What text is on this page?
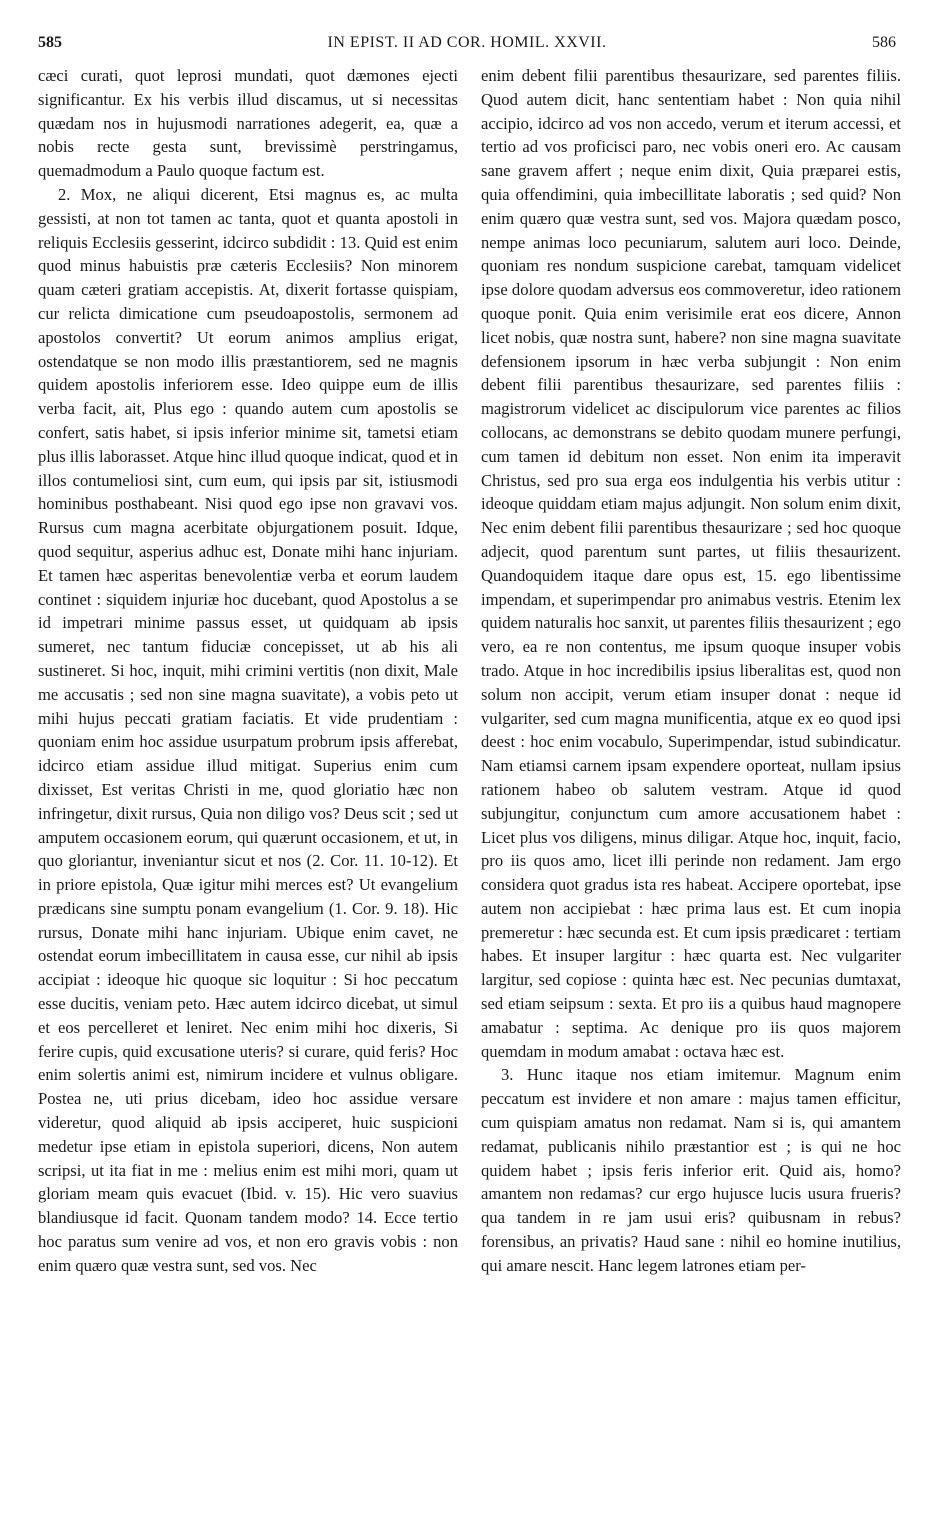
585	IN EPIST. II AD COR. HOMIL. XXVII.	586

cæci curati, quot leprosi mundati, quot dæmones ejecti significantur. Ex his verbis illud discamus, ut si necessitas quædam nos in hujusmodi narrationes adegerit, ea, quæ a nobis recte gesta sunt, brevissimè perstringamus, quemadmodum a Paulo quoque factum est.

2. Mox, ne aliqui dicerent, Etsi magnus es, ac multa gessisti, at non tot tamen ac tanta, quot et quanta apostoli in reliquis Ecclesiis gesserint, idcirco subdidit : 13. Quid est enim quod minus habuistis præ cæteris Ecclesiis? Non minorem quam cæteri gratiam accepistis. At, dixerit fortasse quispiam, cur relicta dimicatione cum pseudoapostolis, sermonem ad apostolos convertit? Ut eorum animos amplius erigat, ostendatque se non modo illis præstantiorem, sed ne magnis quidem apostolis inferiorem esse. Ideo quippe eum de illis verba facit, ait, Plus ego : quando autem cum apostolis se confert, satis habet, si ipsis inferior minime sit, tametsi etiam plus illis laborasset. Atque hinc illud quoque indicat, quod et in illos contumeliosi sint, cum eum, qui ipsis par sit, istiusmodi hominibus posthabeant. Nisi quod ego ipse non gravavi vos. Rursus cum magna acerbitate objurgationem posuit. Idque, quod sequitur, asperius adhuc est, Donate mihi hanc injuriam. Et tamen hæc asperitas benevolentiæ verba et eorum laudem continet : siquidem injuriæ hoc ducebant, quod Apostolus a se id impetrari minime passus esset, ut quidquam ab ipsis sumeret, nec tantum fiduciæ concepisset, ut ab his ali sustineret. Si hoc, inquit, mihi crimini vertitis (non dixit, Male me accusatis ; sed non sine magna suavitate), a vobis peto ut mihi hujus peccati gratiam faciatis. Et vide prudentiam : quoniam enim hoc assidue usurpatum probrum ipsis afferebat, idcirco etiam assidue illud mitigat. Superius enim cum dixisset, Est veritas Christi in me, quod gloriatio hæc non infringetur, dixit rursus, Quia non diligo vos? Deus scit ; sed ut amputem occasionem eorum, qui quærunt occasionem, et ut, in quo gloriantur, inveniantur sicut et nos (2. Cor. 11. 10-12). Et in priore epistola, Quæ igitur mihi merces est? Ut evangelium prædicans sine sumptu ponam evangelium (1. Cor. 9. 18). Hic rursus, Donate mihi hanc injuriam. Ubique enim cavet, ne ostendat eorum imbecillitatem in causa esse, cur nihil ab ipsis accipiat : ideoque hic quoque sic loquitur : Si hoc peccatum esse ducitis, veniam peto. Hæc autem idcirco dicebat, ut simul et eos percelleret et leniret. Nec enim mihi hoc dixeris, Si ferire cupis, quid excusatione uteris? si curare, quid feris? Hoc enim solertis animi est, nimirum incidere et vulnus obligare. Postea ne, uti prius dicebam, ideo hoc assidue versare videretur, quod aliquid ab ipsis acciperet, huic suspicioni medetur ipse etiam in epistola superiori, dicens, Non autem scripsi, ut ita fiat in me : melius enim est mihi mori, quam ut gloriam meam quis evacuet (Ibid. v. 15). Hic vero suavius blandiusque id facit. Quonam tandem modo? 14. Ecce tertio hoc paratus sum venire ad vos, et non ero gravis vobis : non enim quæro quæ vestra sunt, sed vos. Nec

enim debent filii parentibus thesaurizare, sed parentes filiis. Quod autem dicit, hanc sententiam habet : Non quia nihil accipio, idcirco ad vos non accedo, verum et iterum accessi, et tertio ad vos proficisci paro, nec vobis oneri ero. Ac causam sane gravem affert ; neque enim dixit, Quia præparei estis, quia offendimini, quia imbecillitate laboratis ; sed quid? Non enim quæro quæ vestra sunt, sed vos. Majora quædam posco, nempe animas loco pecuniarum, salutem auri loco. Deinde, quoniam res nondum suspicione carebat, tamquam videlicet ipse dolore quodam adversus eos commoveretur, ideo rationem quoque ponit. Quia enim verisimile erat eos dicere, Annon licet nobis, quæ nostra sunt, habere? non sine magna suavitate defensionem ipsorum in hæc verba subjungit : Non enim debent filii parentibus thesaurizare, sed parentes filiis : magistrorum videlicet ac discipulorum vice parentes ac filios collocans, ac demonstrans se debito quodam munere perfungi, cum tamen id debitum non esset. Non enim ita imperavit Christus, sed pro sua erga eos indulgentia his verbis utitur : ideoque quiddam etiam majus adjungit. Non solum enim dixit, Nec enim debent filii parentibus thesaurizare ; sed hoc quoque adjecit, quod parentum sunt partes, ut filiis thesaurizent. Quandoquidem itaque dare opus est, 15. ego libentissime impendam, et superimpendar pro animabus vestris. Etenim lex quidem naturalis hoc sanxit, ut parentes filiis thesaurizent ; ego vero, ea re non contentus, me ipsum quoque insuper vobis trado. Atque in hoc incredibilis ipsius liberalitas est, quod non solum non accipit, verum etiam insuper donat : neque id vulgariter, sed cum magna munificentia, atque ex eo quod ipsi deest : hoc enim vocabulo, Superimpendar, istud subindicatur. Nam etiamsi carnem ipsam expendere oporteat, nullam ipsius rationem habeo ob salutem vestram. Atque id quod subjungitur, conjunctum cum amore accusationem habet : Licet plus vos diligens, minus diligar. Atque hoc, inquit, facio, pro iis quos amo, licet illi perinde non redament. Jam ergo considera quot gradus ista res habeat. Accipere oportebat, ipse autem non accipiebat : hæc prima laus est. Et cum inopia premeretur : hæc secunda est. Et cum ipsis prædicaret : tertiam habes. Et insuper largitur : hæc quarta est. Nec vulgariter largitur, sed copiose : quinta hæc est. Nec pecunias dumtaxat, sed etiam seipsum : sexta. Et pro iis a quibus haud magnopere amabatur : septima. Ac denique pro iis quos majorem quemdam in modum amabat : octava hæc est.

3. Hunc itaque nos etiam imitemur. Magnum enim peccatum est invidere et non amare : majus tamen efficitur, cum quispiam amatus non redamat. Nam si is, qui amantem redamat, publicanis nihilo præstantior est ; is qui ne hoc quidem habet ; ipsis feris inferior erit. Quid ais, homo? amantem non redamas? cur ergo hujusce lucis usura frueris? qua tandem in re jam usui eris? quibusnam in rebus? forensibus, an privatis? Haud sane : nihil eo homine inutilius, qui amare nescit. Hanc legem latrones etiam per-
